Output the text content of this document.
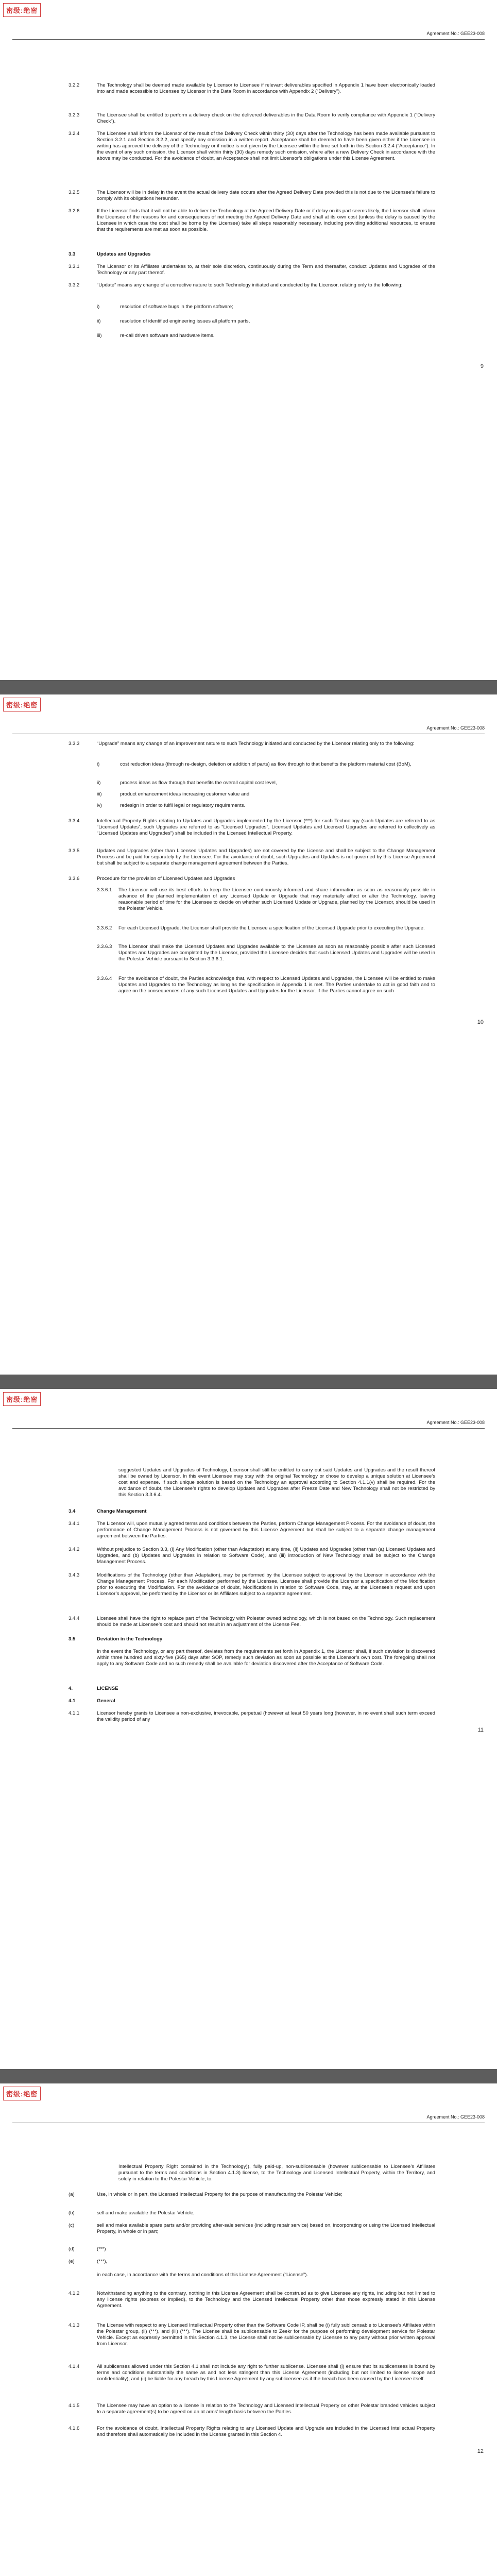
密级:绝密
Agreement No.: GEE23-008
3.2.2	The Technology shall be deemed made available by Licensor to Licensee if relevant deliverables specified in Appendix 1 have been electronically loaded into and made accessible to Licensee by Licensor in the Data Room in accordance with Appendix 2 (“Delivery”).
3.2.3	The Licensee shall be entitled to perform a delivery check on the delivered deliverables in the Data Room to verify compliance with Appendix 1 (“Delivery Check”).
3.2.4	The Licensee shall inform the Licensor of the result of the Delivery Check within thirty (30) days after the Technology has been made available pursuant to Section 3.2.1 and Section 3.2.2, and specify any omission in a written report. Acceptance shall be deemed to have been given either if the Licensee in writing has approved the delivery of the Technology or if notice is not given by the Licensee within the time set forth in this Section 3.2.4 (“Acceptance”). In the event of any such omission, the Licensor shall within thirty (30) days remedy such omission, where after a new Delivery Check in accordance with the above may be conducted. For the avoidance of doubt, an Acceptance shall not limit Licensor’s obligations under this License Agreement.
3.2.5	The Licensor will be in delay in the event the actual delivery date occurs after the Agreed Delivery Date provided this is not due to the Licensee’s failure to comply with its obligations hereunder.
3.2.6	If the Licensor finds that it will not be able to deliver the Technology at the Agreed Delivery Date or if delay on its part seems likely, the Licensor shall inform the Licensee of the reasons for and consequences of not meeting the Agreed Delivery Date and shall at its own cost (unless the delay is caused by the Licensee in which case the cost shall be borne by the Licensee) take all steps reasonably necessary, including providing additional resources, to ensure that the requirements are met as soon as possible.
3.3	Updates and Upgrades
3.3.1	The Licensor or its Affiliates undertakes to, at their sole discretion, continuously during the Term and thereafter, conduct Updates and Upgrades of the Technology or any part thereof.
3.3.2	“Update” means any change of a corrective nature to such Technology initiated and conducted by the Licensor, relating only to the following:
i)	resolution of software bugs in the platform software;
ii)	resolution of identified engineering issues all platform parts,
iii)	re-call driven software and hardware items.
9
密级:绝密
Agreement No.: GEE23-008
3.3.3	“Upgrade” means any change of an improvement nature to such Technology initiated and conducted by the Licensor relating only to the following:
i)	cost reduction ideas (through re-design, deletion or addition of parts) as flow through to that benefits the platform material cost (BoM),
ii)	process ideas as flow through that benefits the overall capital cost level,
iii)	product enhancement ideas increasing customer value and
iv)	redesign in order to fulfil legal or regulatory requirements.
3.3.4	Intellectual Property Rights relating to Updates and Upgrades implemented by the Licensor (***) for such Technology (such Updates are referred to as “Licensed Updates”, such Upgrades are referred to as “Licensed Upgrades”, Licensed Updates and Licensed Upgrades are referred to collectively as “Licensed Updates and Upgrades”) shall be included in the Licensed Intellectual Property.
3.3.5	Updates and Upgrades (other than Licensed Updates and Upgrades) are not covered by the License and shall be subject to the Change Management Process and be paid for separately by the Licensee. For the avoidance of doubt, such Upgrades and Updates is not governed by this License Agreement but shall be subject to a separate change management agreement between the Parties.
3.3.6	Procedure for the provision of Licensed Updates and Upgrades
3.3.6.1 The Licensor will use its best efforts to keep the Licensee continuously informed and share information as soon as reasonably possible in advance of the planned implementation of any Licensed Update or Upgrade that may materially affect or alter the Technology, leaving reasonable period of time for the Licensee to decide on whether such Licensed Update or Upgrade, planned by the Licensor, should be used in the Polestar Vehicle.
3.3.6.2 For each Licensed Upgrade, the Licensor shall provide the Licensee a specification of the Licensed Upgrade prior to executing the Upgrade.
3.3.6.3 The Licensor shall make the Licensed Updates and Upgrades available to the Licensee as soon as reasonably possible after such Licensed Updates and Upgrades are completed by the Licensor, provided the Licensee decides that such Licensed Updates and Upgrades will be used in the Polestar Vehicle pursuant to Section 3.3.6.1.
3.3.6.4 For the avoidance of doubt, the Parties acknowledge that, with respect to Licensed Updates and Upgrades, the Licensee will be entitled to make Updates and Upgrades to the Technology as long as the specification in Appendix 1 is met. The Parties undertake to act in good faith and to agree on the consequences of any such Licensed Updates and Upgrades for the Licensor. If the Parties cannot agree on such
10
密级:绝密
Agreement No.: GEE23-008
suggested Updates and Upgrades of Technology, Licensor shall still be entitled to carry out said Updates and Upgrades and the result thereof shall be owned by Licensor. In this event Licensee may stay with the original Technology or chose to develop a unique solution at Licensee’s cost and expense. If such unique solution is based on the Technology an approval according to Section 4.1.1(v) shall be required. For the avoidance of doubt, the Licensee’s rights to develop Updates and Upgrades after Freeze Date and New Technology shall not be restricted by this Section 3.3.6.4.
3.4	Change Management
3.4.1	The Licensor will, upon mutually agreed terms and conditions between the Parties, perform Change Management Process. For the avoidance of doubt, the performance of Change Management Process is not governed by this License Agreement but shall be subject to a separate change management agreement between the Parties.
3.4.2	Without prejudice to Section 3.3, (i) Any Modification (other than Adaptation) at any time, (ii) Updates and Upgrades (other than (a) Licensed Updates and Upgrades, and (b) Updates and Upgrades in relation to Software Code), and (iii) introduction of New Technology shall be subject to the Change Management Process.
3.4.3	Modifications of the Technology (other than Adaptation), may be performed by the Licensee subject to approval by the Licensor in accordance with the Change Management Process. For each Modification performed by the Licensee, Licensee shall provide the Licensor a specification of the Modification prior to executing the Modification. For the avoidance of doubt, Modifications in relation to Software Code, may, at the Licensee’s request and upon Licensor’s approval, be performed by the Licensor or its Affiliates subject to a separate agreement.
3.4.4	Licensee shall have the right to replace part of the Technology with Polestar owned technology, which is not based on the Technology. Such replacement should be made at Licensee’s cost and should not result in an adjustment of the License Fee.
3.5	Deviation in the Technology
In the event the Technology, or any part thereof, deviates from the requirements set forth in Appendix 1, the Licensor shall, if such deviation is discovered within three hundred and sixty-five (365) days after SOP, remedy such deviation as soon as possible at the Licensor’s own cost. The foregoing shall not apply to any Software Code and no such remedy shall be available for deviation discovered after the Acceptance of Software Code.
4.	LICENSE
4.1	General
4.1.1	Licensor hereby grants to Licensee a non-exclusive, irrevocable, perpetual (however at least 50 years long (however, in no event shall such term exceed the validity period of any
11
密级:绝密
Agreement No.: GEE23-008
Intellectual Property Right contained in the Technology)), fully paid-up, non-sublicensable (however sublicensable to Licensee’s Affiliates pursuant to the terms and conditions in Section 4.1.3) license, to the Technology and Licensed Intellectual Property, within the Territory, and solely in relation to the Polestar Vehicle, to:
(a)	Use, in whole or in part, the Licensed Intellectual Property for the purpose of manufacturing the Polestar Vehicle;
(b)	sell and make available the Polestar Vehicle;
(c)	sell and make available spare parts and/or providing after-sale services (including repair service) based on, incorporating or using the Licensed Intellectual Property, in whole or in part;
(d)	(***)
(e)	(***),
in each case, in accordance with the terms and conditions of this License Agreement (“License”).
4.1.2	Notwithstanding anything to the contrary, nothing in this License Agreement shall be construed as to give Licensee any rights, including but not limited to any license rights (express or implied), to the Technology and the Licensed Intellectual Property other than those expressly stated in this License Agreement.
4.1.3	The License with respect to any Licensed Intellectual Property other than the Software Code IP, shall be (i) fully sublicensable to Licensee’s Affiliates within the Polestar group, (ii) (***), and (iii) (***). The License shall be sublicensable to Zeekr for the purpose of performing development service for Polestar Vehicle. Except as expressly permitted in this Section 4.1.3, the License shall not be sublicensable by Licensee to any party without prior written approval from Licensor.
4.1.4	All sublicenses allowed under this Section 4.1 shall not include any right to further sublicense. Licensee shall (i) ensure that its sublicensees is bound by terms and conditions substantially the same as and not less stringent than this License Agreement (including but not limited to license scope and confidentiality), and (ii) be liable for any breach by this License Agreement by any sublicensee as if the breach has been caused by the Licensee itself.
4.1.5	The Licensee may have an option to a license in relation to the Technology and Licensed Intellectual Property on other Polestar branded vehicles subject to a separate agreement(s) to be agreed on an at arms’ length basis between the Parties.
4.1.6	For the avoidance of doubt, Intellectual Property Rights relating to any Licensed Update and Upgrade are included in the Licensed Intellectual Property and therefore shall automatically be included in the License granted in this Section 4.
12
